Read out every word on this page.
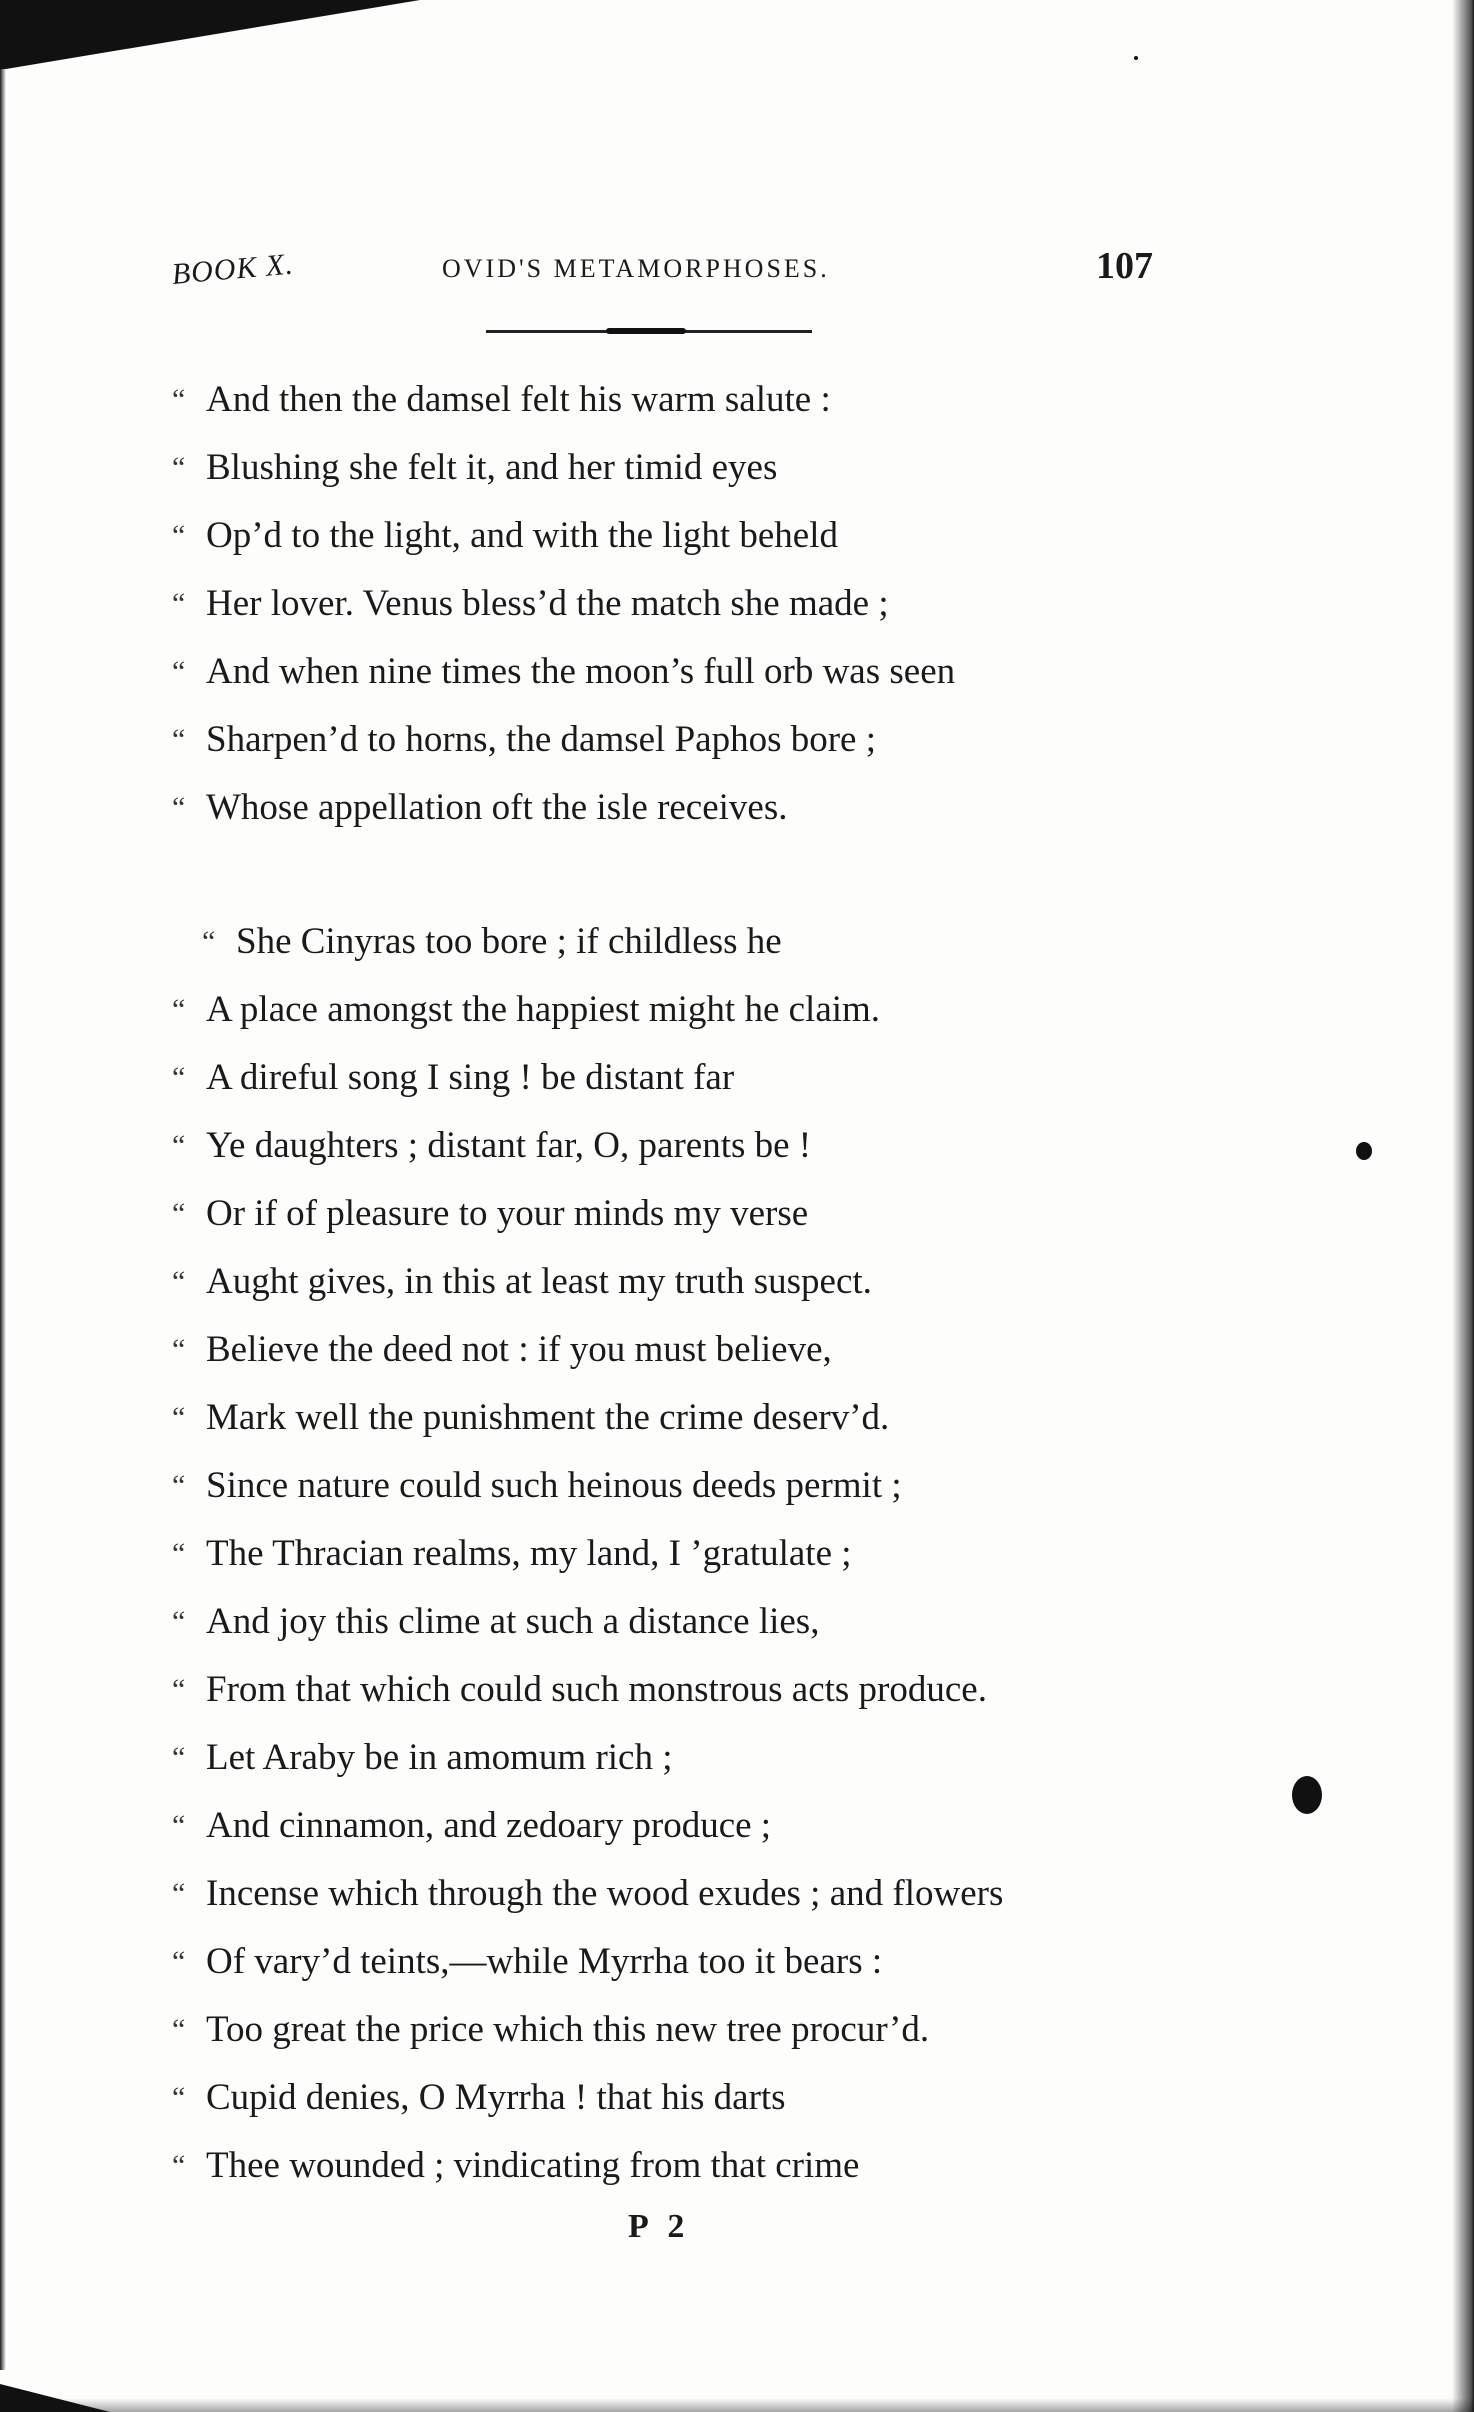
BOOK X.	OVID'S METAMORPHOSES.	107
“ And then the damsel felt his warm salute :
“ Blushing she felt it, and her timid eyes
“ Op’d to the light, and with the light beheld
“ Her lover. Venus bless’d the match she made ;
“ And when nine times the moon’s full orb was seen
“ Sharpen’d to horns, the damsel Paphos bore ;
“ Whose appellation oft the isle receives.
“ She Cinyras too bore ; if childless he
“ A place amongst the happiest might he claim.
“ A direful song I sing ! be distant far
“ Ye daughters ; distant far, O, parents be !
“ Or if of pleasure to your minds my verse
“ Aught gives, in this at least my truth suspect.
“ Believe the deed not : if you must believe,
“ Mark well the punishment the crime deserv’d.
“ Since nature could such heinous deeds permit ;
“ The Thracian realms, my land, I ’gratulate ;
“ And joy this clime at such a distance lies,
“ From that which could such monstrous acts produce.
“ Let Araby be in amomum rich ;
“ And cinnamon, and zedoary produce ;
“ Incense which through the wood exudes ; and flowers
“ Of vary’d teints,—while Myrrha too it bears :
“ Too great the price which this new tree procur’d.
“ Cupid denies, O Myrrha ! that his darts
“ Thee wounded ; vindicating from that crime
P 2
